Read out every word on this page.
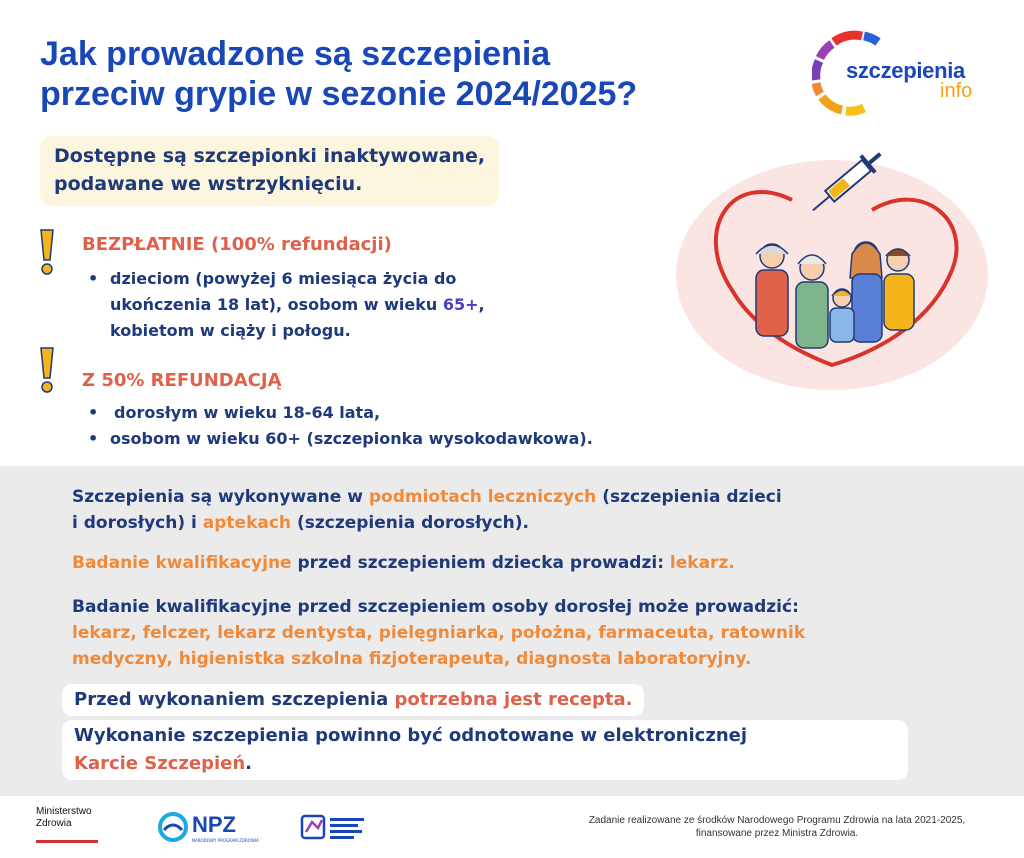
Jak prowadzone są szczepienia
przeciw grypie w sezonie 2024/2025?
szczepienia
info
Dostępne są szczepionki inaktywowane,
podawane we wstrzyknięciu.
BEZPŁATNIE (100% refundacji)
• dzieciom (powyżej 6 miesiąca życia do
ukończenia 18 lat), osobom w wieku 65+,
kobietom w ciąży i połogu.
Z 50% REFUNDACJĄ
• dorosłym w wieku 18-64 lata,
• osobom w wieku 60+ (szczepionka wysokodawkowa).
Szczepienia są wykonywane w podmiotach leczniczych (szczepienia dzieci
i dorosłych) i aptekach (szczepienia dorosłych).
Badanie kwalifikacyjne przed szczepieniem dziecka prowadzi: lekarz.
Badanie kwalifikacyjne przed szczepieniem osoby dorosłej może prowadzić:
lekarz, felczer, lekarz dentysta, pielęgniarka, położna, farmaceuta, ratownik
medyczny, higienistka szkolna fizjoterapeuta, diagnosta laboratoryjny.
Przed wykonaniem szczepienia potrzebna jest recepta.
Wykonanie szczepienia powinno być odnotowane w elektronicznej
Karcie Szczepień.
Ministerstwo
Zdrowia	NPZ
NARODOWY PROGRAM ZDROWIA
Zadanie realizowane ze środków Narodowego Programu Zdrowia na lata 2021-2025,
finansowane przez Ministra Zdrowia.
